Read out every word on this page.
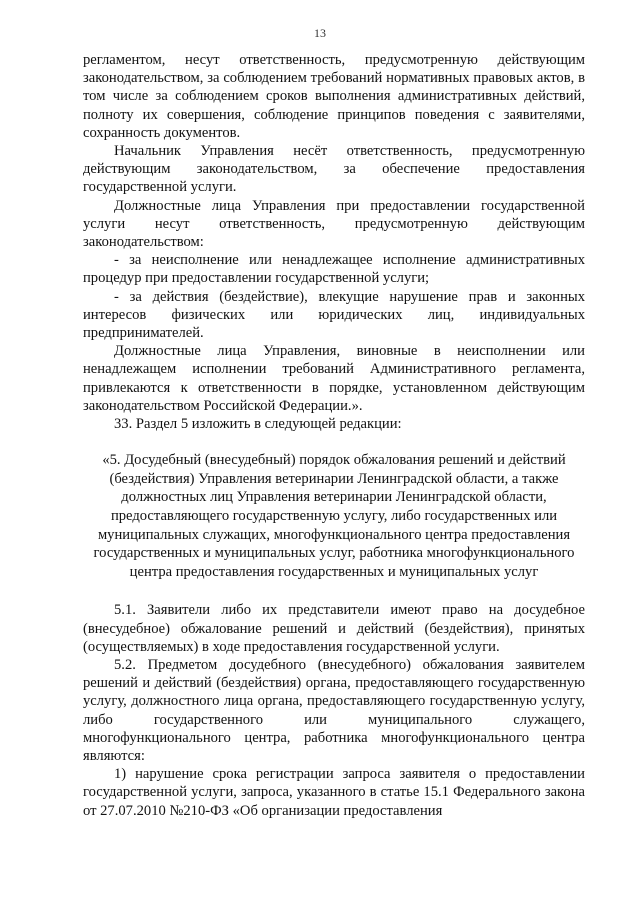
13

регламентом, несут ответственность, предусмотренную действующим законодательством, за соблюдением требований нормативных правовых актов, в том числе за соблюдением сроков выполнения административных действий, полноту их совершения, соблюдение принципов поведения с заявителями, сохранность документов.

Начальник Управления несёт ответственность, предусмотренную действующим законодательством, за обеспечение предоставления государственной услуги.

Должностные лица Управления при предоставлении государственной услуги несут ответственность, предусмотренную действующим законодательством:

- за неисполнение или ненадлежащее исполнение административных процедур при предоставлении государственной услуги;

- за действия (бездействие), влекущие нарушение прав и законных интересов физических или юридических лиц, индивидуальных предпринимателей.

Должностные лица Управления, виновные в неисполнении или ненадлежащем исполнении требований Административного регламента, привлекаются к ответственности в порядке, установленном действующим законодательством Российской Федерации.».

33. Раздел 5 изложить в следующей редакции:

«5. Досудебный (внесудебный) порядок обжалования решений и действий (бездействия) Управления ветеринарии Ленинградской области, а также должностных лиц Управления ветеринарии Ленинградской области, предоставляющего государственную услугу, либо государственных или муниципальных служащих, многофункционального центра предоставления государственных и муниципальных услуг, работника многофункционального центра предоставления государственных и муниципальных услуг

5.1. Заявители либо их представители имеют право на досудебное (внесудебное) обжалование решений и действий (бездействия), принятых (осуществляемых) в ходе предоставления государственной услуги.

5.2. Предметом досудебного (внесудебного) обжалования заявителем решений и действий (бездействия) органа, предоставляющего государственную услугу, должностного лица органа, предоставляющего государственную услугу, либо государственного или муниципального служащего, многофункционального центра, работника многофункционального центра являются:

1) нарушение срока регистрации запроса заявителя о предоставлении государственной услуги, запроса, указанного в статье 15.1 Федерального закона от 27.07.2010 №210-ФЗ «Об организации предоставления
